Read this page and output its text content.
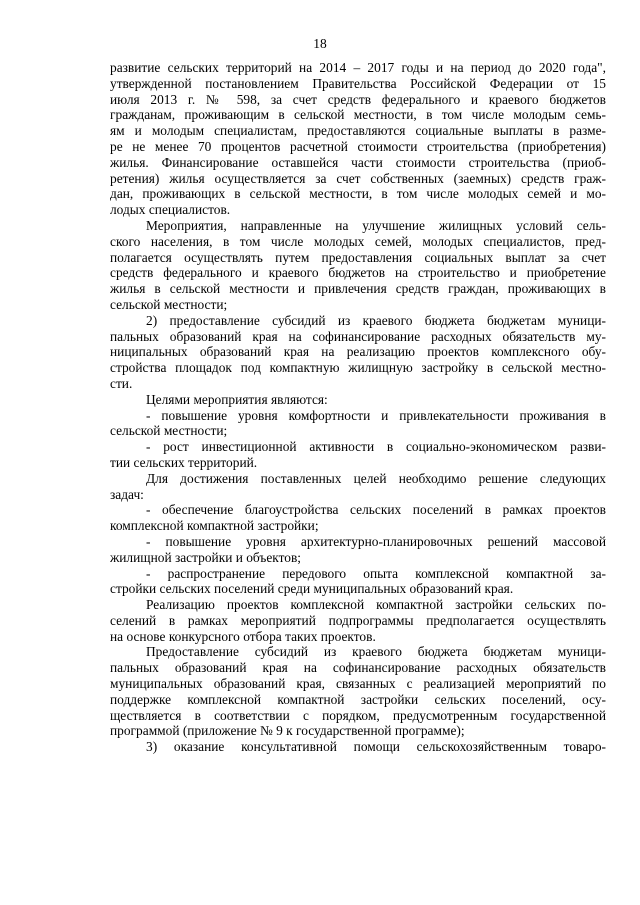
18
развитие сельских территорий на 2014 – 2017 годы и на период до 2020 года",
утвержденной постановлением Правительства Российской Федерации от 15
июля 2013 г. № 598, за счет средств федерального и краевого бюджетов
гражданам, проживающим в сельской местности, в том числе молодым семь-
ям и молодым специалистам, предоставляются социальные выплаты в разме-
ре не менее 70 процентов расчетной стоимости строительства (приобретения)
жилья. Финансирование оставшейся части стоимости строительства (приоб-
ретения) жилья осуществляется за счет собственных (заемных) средств граж-
дан, проживающих в сельской местности, в том числе молодых семей и мо-
лодых специалистов.
Мероприятия, направленные на улучшение жилищных условий сель-
ского населения, в том числе молодых семей, молодых специалистов, пред-
полагается осуществлять путем предоставления социальных выплат за счет
средств федерального и краевого бюджетов на строительство и приобретение
жилья в сельской местности и привлечения средств граждан, проживающих в
сельской местности;
2) предоставление субсидий из краевого бюджета бюджетам муници-
пальных образований края на софинансирование расходных обязательств му-
ниципальных образований края на реализацию проектов комплексного обу-
стройства площадок под компактную жилищную застройку в сельской местно-
сти.
Целями мероприятия являются:
- повышение уровня комфортности и привлекательности проживания в
сельской местности;
- рост инвестиционной активности в социально-экономическом разви-
тии сельских территорий.
Для достижения поставленных целей необходимо решение следующих
задач:
- обеспечение благоустройства сельских поселений в рамках проектов
комплексной компактной застройки;
- повышение уровня архитектурно-планировочных решений массовой
жилищной застройки и объектов;
- распространение передового опыта комплексной компактной за-
стройки сельских поселений среди муниципальных образований края.
Реализацию проектов комплексной компактной застройки сельских по-
селений в рамках мероприятий подпрограммы предполагается осуществлять
на основе конкурсного отбора таких проектов.
Предоставление субсидий из краевого бюджета бюджетам муници-
пальных образований края на софинансирование расходных обязательств
муниципальных образований края, связанных с реализацией мероприятий по
поддержке комплексной компактной застройки сельских поселений, осу-
ществляется в соответствии с порядком, предусмотренным государственной
программой (приложение № 9 к государственной программе);
3) оказание консультативной помощи сельскохозяйственным товаро-
